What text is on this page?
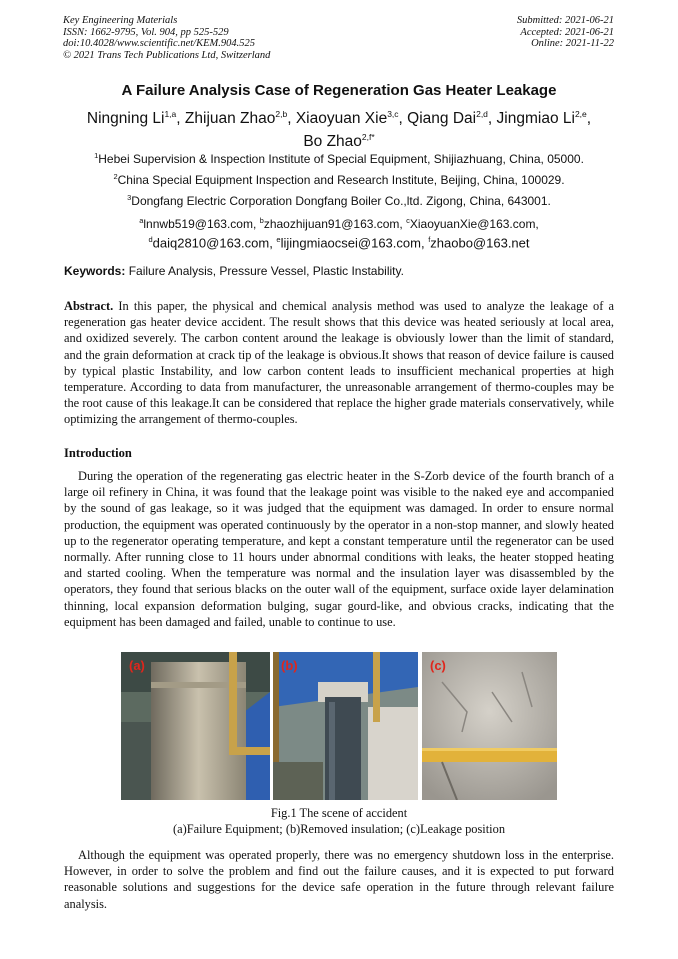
Key Engineering Materials
ISSN: 1662-9795, Vol. 904, pp 525-529
doi:10.4028/www.scientific.net/KEM.904.525
© 2021 Trans Tech Publications Ltd, Switzerland
Submitted: 2021-06-21
Accepted: 2021-06-21
Online: 2021-11-22
A Failure Analysis Case of Regeneration Gas Heater Leakage
Ningning Li$^{1,a}$, Zhijuan Zhao$^{2,b}$, Xiaoyuan Xie$^{3,c}$, Qiang Dai$^{2,d}$, Jingmiao Li$^{2,e}$,
Bo Zhao$^{2,f*}$
$^1$Hebei Supervision & Inspection Institute of Special Equipment, Shijiazhuang, China, 05000.
$^2$China Special Equipment Inspection and Research Institute, Beijing, China, 100029.
$^3$Dongfang Electric Corporation Dongfang Boiler Co.,ltd. Zigong, China, 643001.
$^a$lnnwb519@163.com, $^b$zhaozhijuan91@163.com, $^c$XiaoyuanXie@163.com,
$^d$daiq2810@163.com, $^e$lijingmiaocsei@163.com, $^f$zhaobo@163.net
Keywords: Failure Analysis, Pressure Vessel, Plastic Instability.
Abstract. In this paper, the physical and chemical analysis method was used to analyze the leakage of a regeneration gas heater device accident. The result shows that this device was heated seriously at local area, and oxidized severely. The carbon content around the leakage is obviously lower than the limit of standard, and the grain deformation at crack tip of the leakage is obvious.It shows that reason of device failure is caused by typical plastic Instability, and low carbon content leads to insufficient mechanical properties at high temperature. According to data from manufacturer, the unreasonable arrangement of thermo-couples may be the root cause of this leakage.It can be considered that replace the higher grade materials conservatively, while optimizing the arrangement of thermo-couples.
Introduction
During the operation of the regenerating gas electric heater in the S-Zorb device of the fourth branch of a large oil refinery in China, it was found that the leakage point was visible to the naked eye and accompanied by the sound of gas leakage, so it was judged that the equipment was damaged. In order to ensure normal production, the equipment was operated continuously by the operator in a non-stop manner, and slowly heated up to the regenerator operating temperature, and kept a constant temperature until the regenerator can be used normally. After running close to 11 hours under abnormal conditions with leaks, the heater stopped heating and started cooling. When the temperature was normal and the insulation layer was disassembled by the operators, they found that serious blacks on the outer wall of the equipment, surface oxide layer delamination thinning, local expansion deformation bulging, sugar gourd-like, and obvious cracks, indicating that the equipment has been damaged and failed, unable to continue to use.
(a)	(b)	(c)
Fig.1 The scene of accident
(a)Failure Equipment; (b)Removed insulation; (c)Leakage position
Although the equipment was operated properly, there was no emergency shutdown loss in the enterprise. However, in order to solve the problem and find out the failure causes, and it is expected to put forward reasonable solutions and suggestions for the device safe operation in the future through relevant failure analysis.
